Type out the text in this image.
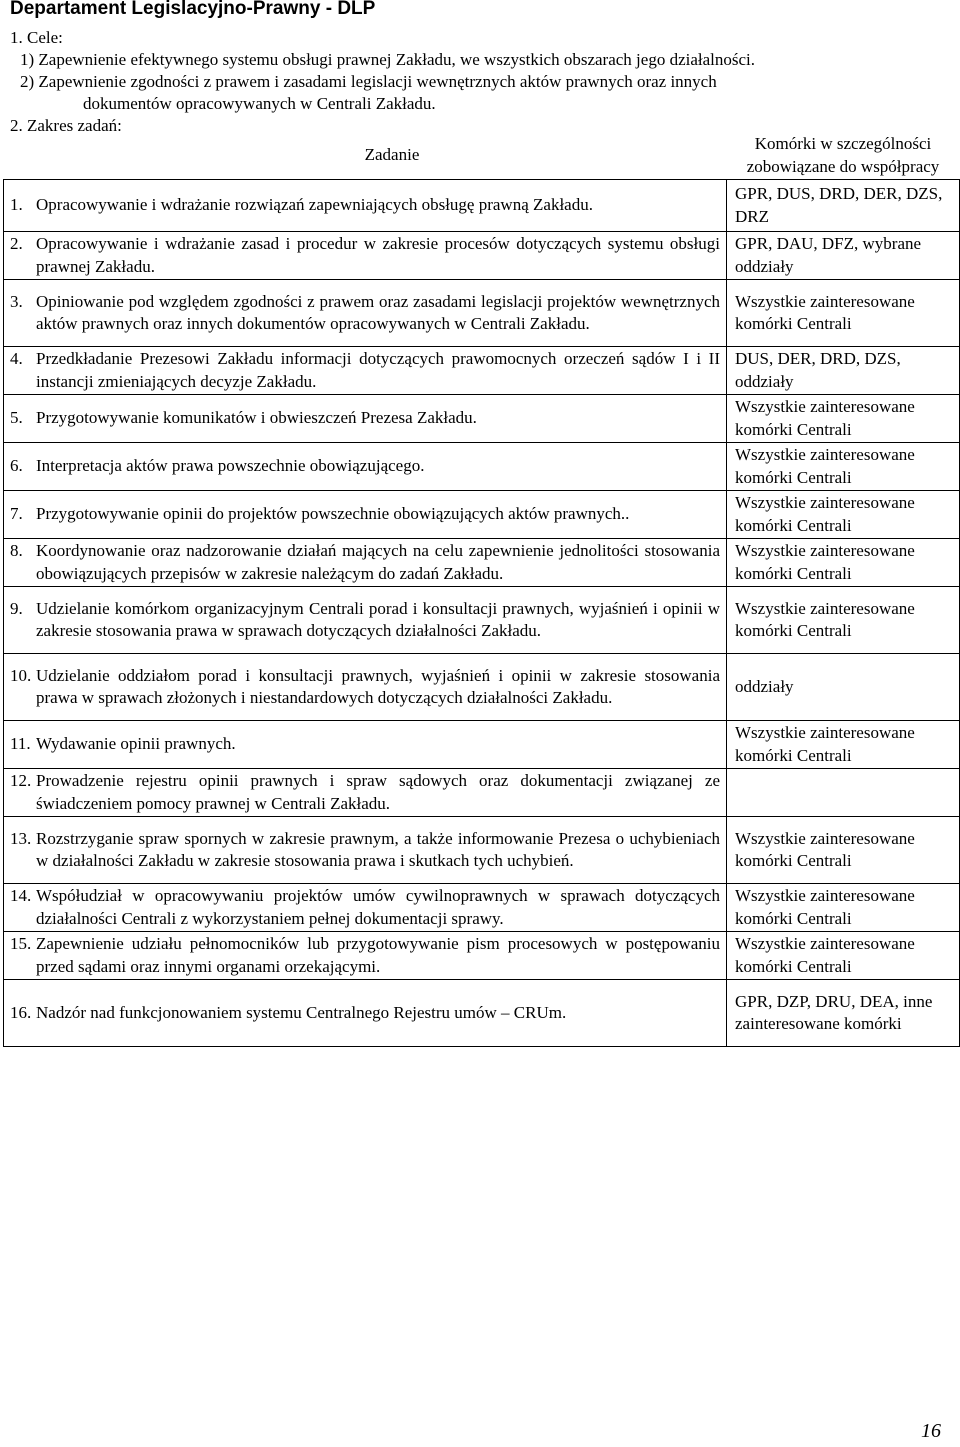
Departament Legislacyjno-Prawny - DLP
1. Cele:
1) Zapewnienie efektywnego systemu obsługi prawnej Zakładu, we wszystkich obszarach jego działalności.
2) Zapewnienie zgodności z prawem i zasadami legislacji wewnętrznych aktów prawnych oraz innych
dokumentów opracowywanych w Centrali Zakładu.
2. Zakres zadań:
Zadanie	Komórki w szczególności zobowiązane do współpracy

1. Opracowywanie i wdrażanie rozwiązań zapewniających obsługę prawną Zakładu.	GPR, DUS, DRD, DER, DZS, DRZ

2. Opracowywanie i wdrażanie zasad i procedur w zakresie procesów dotyczących systemu obsługi prawnej Zakładu.	GPR, DAU, DFZ, wybrane oddziały

3. Opiniowanie pod względem zgodności z prawem oraz zasadami legislacji projektów wewnętrznych aktów prawnych oraz innych dokumentów opracowywanych w Centrali Zakładu.	Wszystkie zainteresowane komórki Centrali

4. Przedkładanie Prezesowi Zakładu informacji dotyczących prawomocnych orzeczeń sądów I i II instancji zmieniających decyzje Zakładu.	DUS, DER, DRD, DZS, oddziały

5. Przygotowywanie komunikatów i obwieszczeń Prezesa Zakładu.	Wszystkie zainteresowane komórki Centrali

6. Interpretacja aktów prawa powszechnie obowiązującego.	Wszystkie zainteresowane komórki Centrali

7. Przygotowywanie opinii do projektów powszechnie obowiązujących aktów prawnych..	Wszystkie zainteresowane komórki Centrali

8. Koordynowanie oraz nadzorowanie działań mających na celu zapewnienie jednolitości stosowania obowiązujących przepisów w zakresie należącym do zadań Zakładu.	Wszystkie zainteresowane komórki Centrali

9. Udzielanie komórkom organizacyjnym Centrali porad i konsultacji prawnych, wyjaśnień i opinii w zakresie stosowania prawa w sprawach dotyczących działalności Zakładu.	Wszystkie zainteresowane komórki Centrali

10. Udzielanie oddziałom porad i konsultacji prawnych, wyjaśnień i opinii w zakresie stosowania prawa w sprawach złożonych i niestandardowych dotyczących działalności Zakładu.	oddziały

11. Wydawanie opinii prawnych.	Wszystkie zainteresowane komórki Centrali

12. Prowadzenie rejestru opinii prawnych i spraw sądowych oraz dokumentacji związanej ze świadczeniem pomocy prawnej w Centrali Zakładu.	

13. Rozstrzyganie spraw spornych w zakresie prawnym, a także informowanie Prezesa o uchybieniach w działalności Zakładu w zakresie stosowania prawa i skutkach tych uchybień.	Wszystkie zainteresowane komórki Centrali

14. Współudział w opracowywaniu projektów umów cywilnoprawnych w sprawach dotyczących działalności Centrali z wykorzystaniem pełnej dokumentacji sprawy.	Wszystkie zainteresowane komórki Centrali

15. Zapewnienie udziału pełnomocników lub przygotowywanie pism procesowych w postępowaniu przed sądami oraz innymi organami orzekającymi.	Wszystkie zainteresowane komórki Centrali

16. Nadzór nad funkcjonowaniem systemu Centralnego Rejestru umów – CRUm.	GPR, DZP, DRU, DEA, inne zainteresowane komórki
16
